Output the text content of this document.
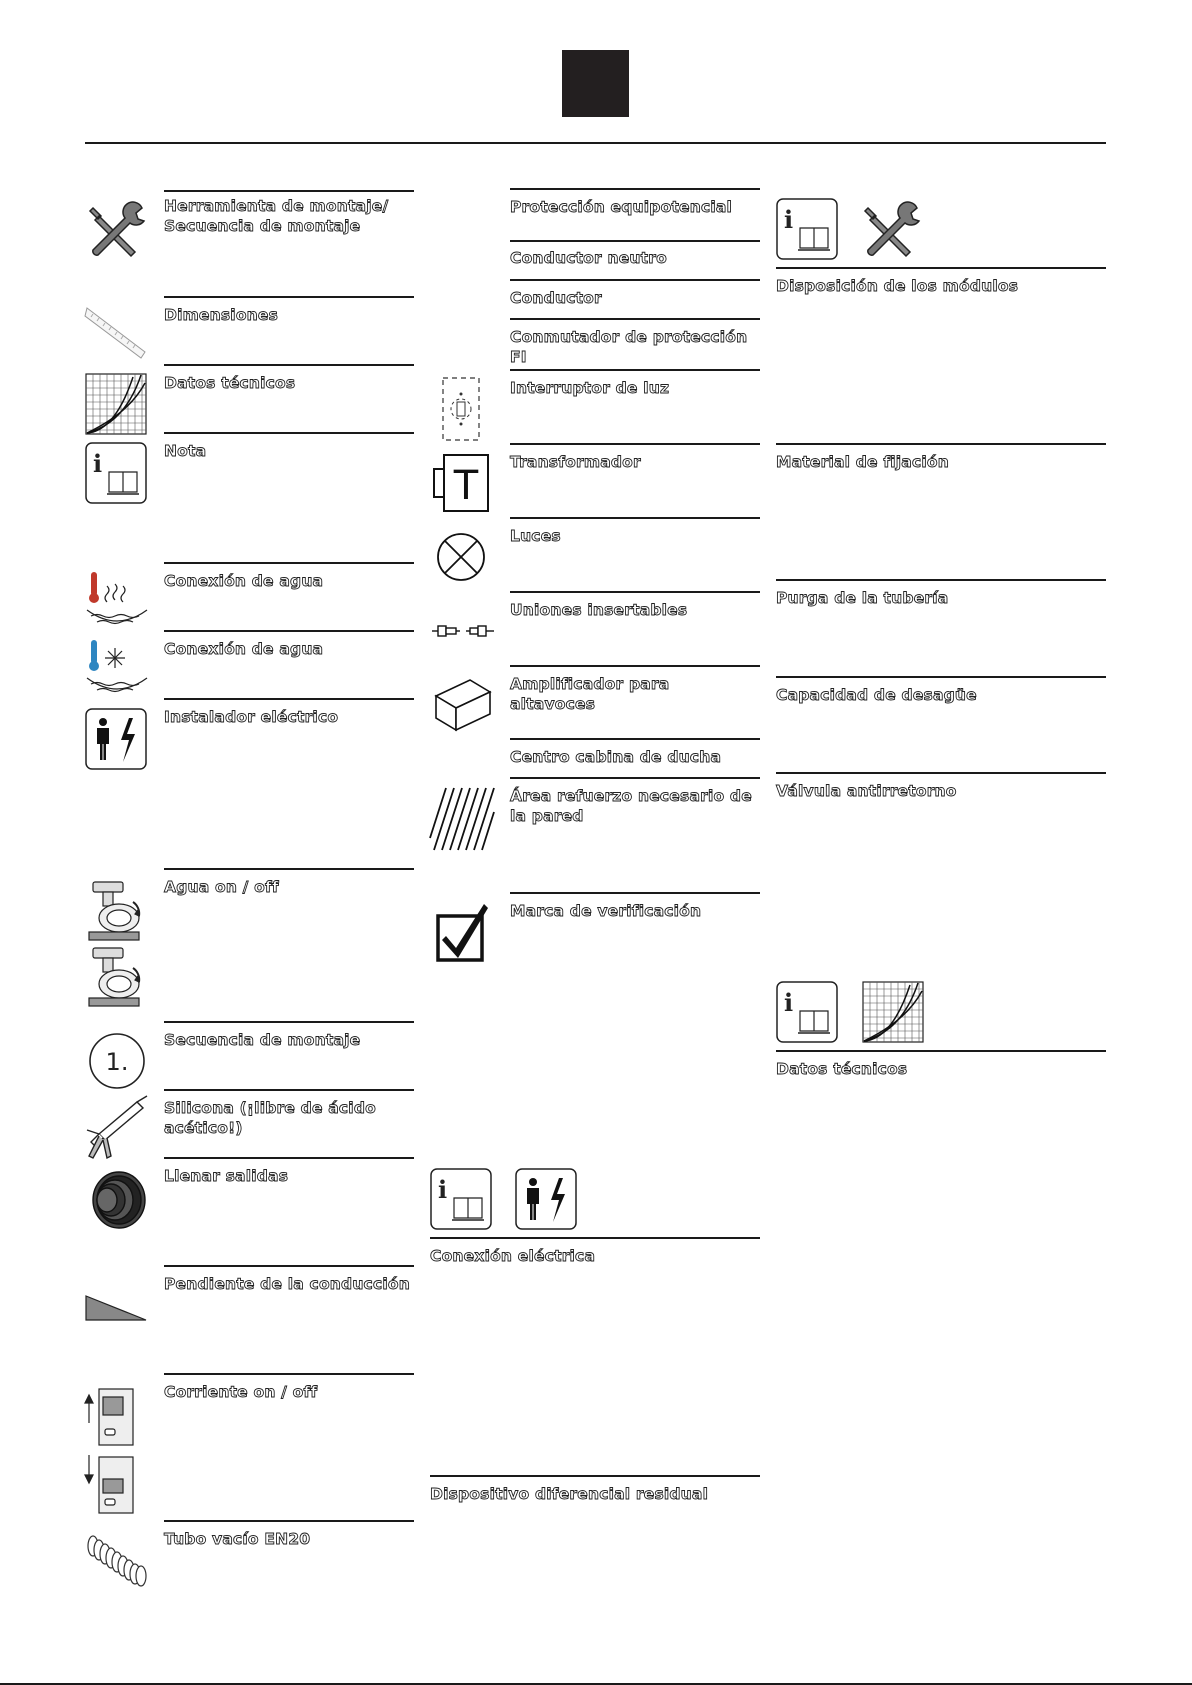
Herramienta de montaje/ Secuencia de montaje
Dimensiones
Datos técnicos
Nota
i
Conexión de agua
Conexión de agua
Instalador eléctrico
Agua on / off
Secuencia de montaje
1.
Silicona (¡libre de ácido acético!)
Llenar salidas
Pendiente de la conducción
Corriente on / off
Tubo vacío EN20
Protección equipotencial
Conductor neutro
Conductor
Conmutador de protección FI
Interruptor de luz
Transformador
T
Luces
Uniones insertables
Amplificador para altavoces
Centro cabina de ducha
Área refuerzo necesario de la pared
Marca de verificación
i
Conexión eléctrica
Dispositivo diferencial residual
i
Disposición de los módulos
Material de fijación
Purga de la tubería
Capacidad de desagüe
Válvula antirretorno
i
Datos técnicos
